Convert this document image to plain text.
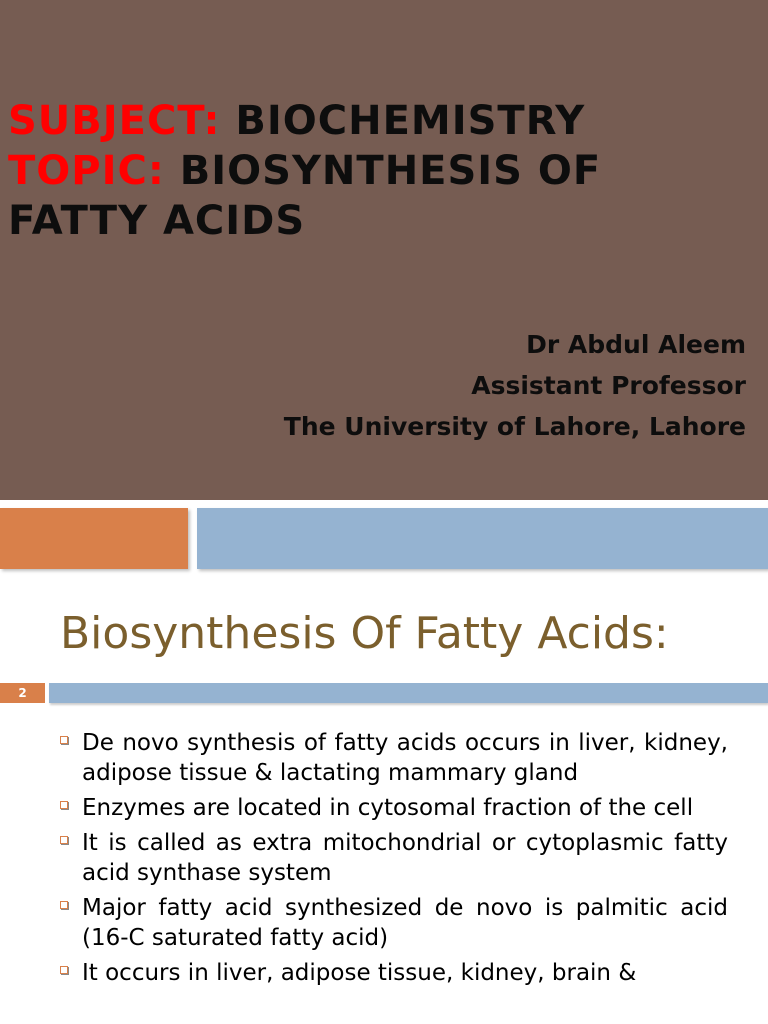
SUBJECT: BIOCHEMISTRY
TOPIC: BIOSYNTHESIS OF FATTY ACIDS
Dr Abdul Aleem
Assistant Professor
The University of Lahore, Lahore
Biosynthesis Of Fatty Acids:
2
De novo synthesis of fatty acids occurs in liver, kidney, adipose tissue & lactating mammary gland
Enzymes are located in cytosomal fraction of the cell
It is called as extra mitochondrial or cytoplasmic fatty acid synthase system
Major fatty acid synthesized de novo is palmitic acid (16-C saturated fatty acid)
It occurs in liver, adipose tissue, kidney, brain &
